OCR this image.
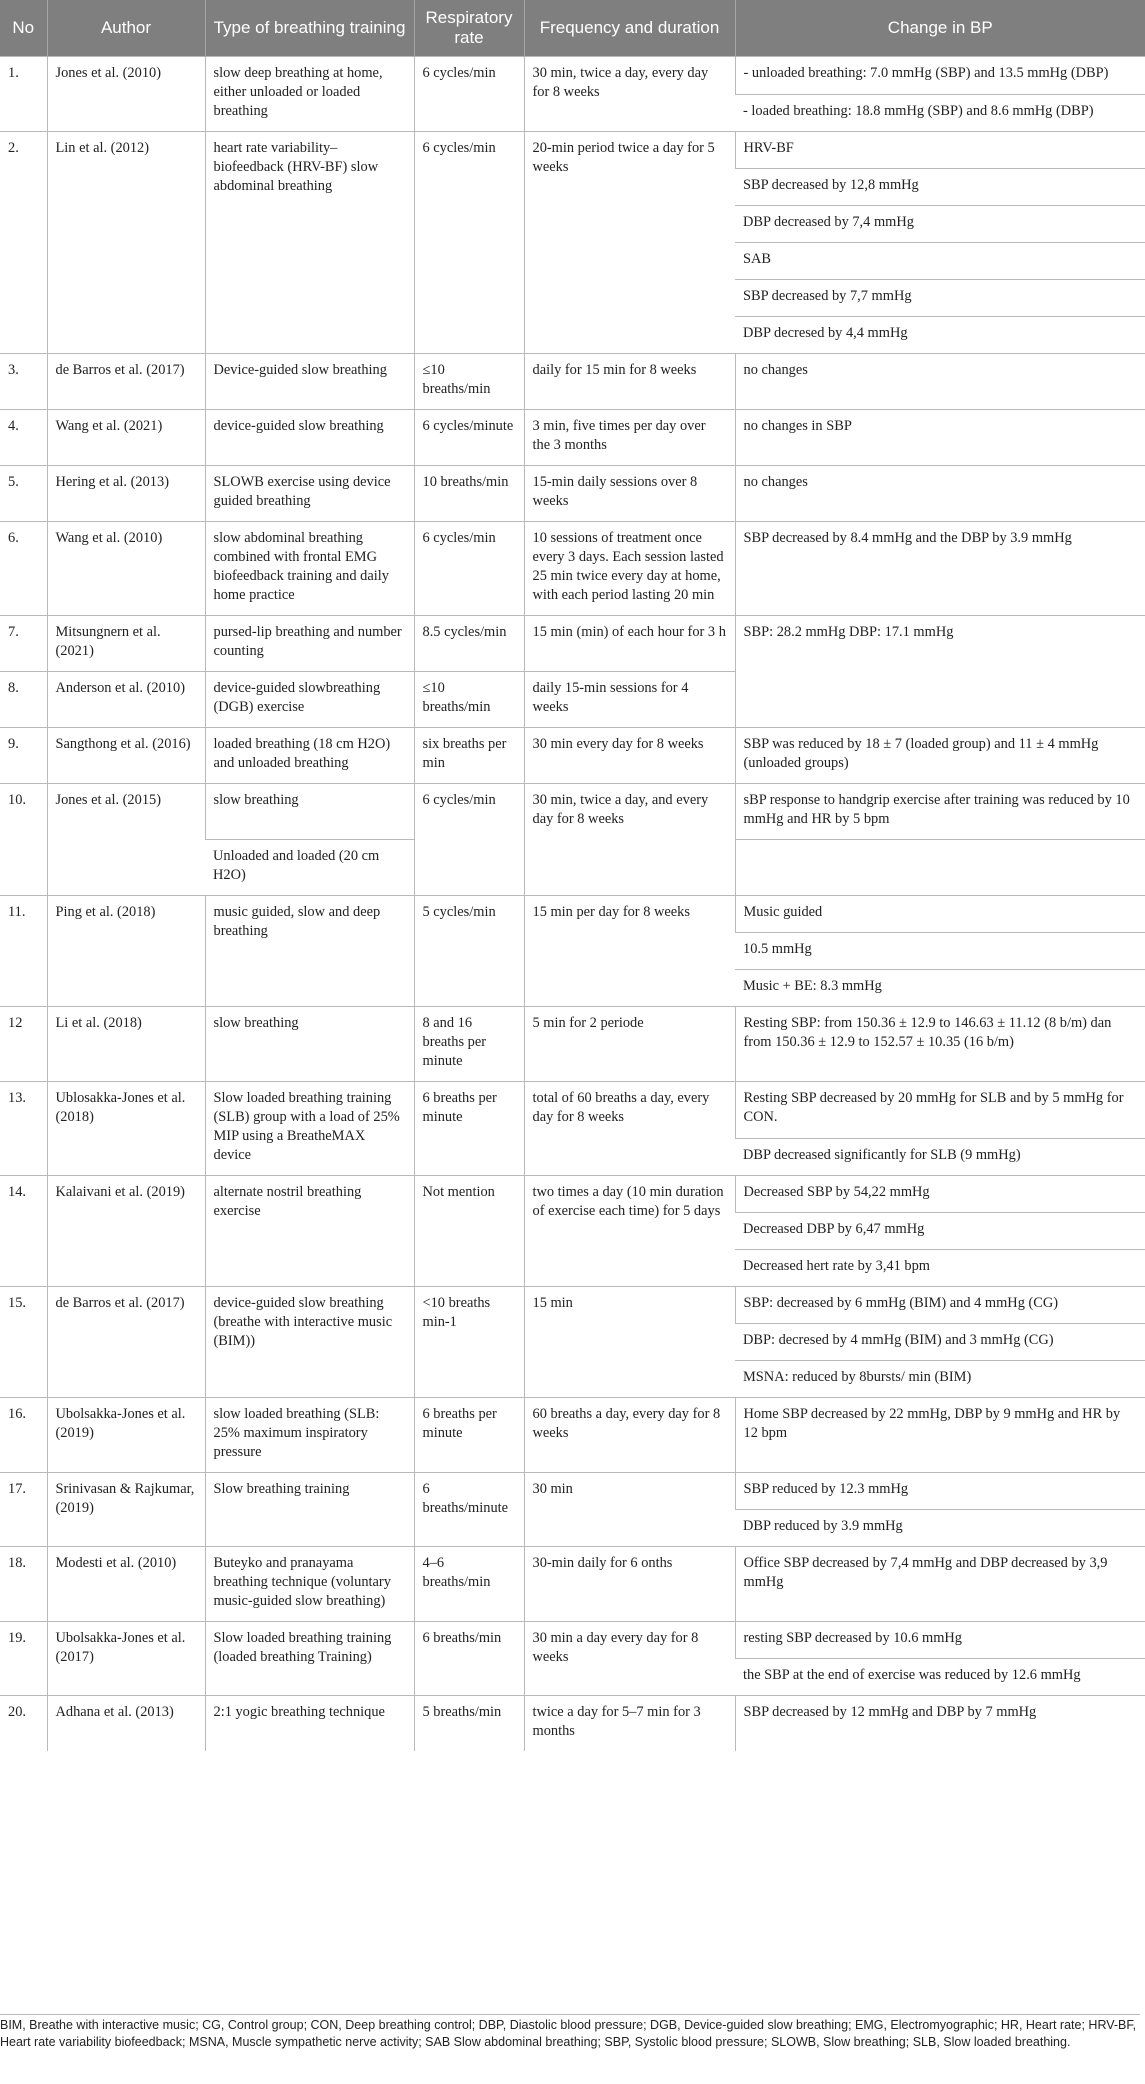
No	Author	Type of breathing training	Respiratory rate	Frequency and duration	Change in BP
1.	Jones et al. (2010)	slow deep breathing at home, either unloaded or loaded breathing	6 cycles/min	30 min, twice a day, every day for 8 weeks	- unloaded breathing: 7.0 mmHg (SBP) and 13.5 mmHg (DBP)
					- loaded breathing: 18.8 mmHg (SBP) and 8.6 mmHg (DBP)
2.	Lin et al. (2012)	heart rate variability–biofeedback (HRV-BF) slow abdominal breathing	6 cycles/min	20-min period twice a day for 5 weeks	HRV-BF
					SBP decreased by 12,8 mmHg
					DBP decreased by 7,4 mmHg
					SAB
					SBP decreased by 7,7 mmHg
					DBP decresed by 4,4 mmHg
3.	de Barros et al. (2017)	Device-guided slow breathing	≤10 breaths/min	daily for 15 min for 8 weeks	no changes
4.	Wang et al. (2021)	device-guided slow breathing	6 cycles/minute	3 min, five times per day over the 3 months	no changes in SBP
5.	Hering et al. (2013)	SLOWB exercise using device guided breathing	10 breaths/min	15-min daily sessions over 8 weeks	no changes
6.	Wang et al. (2010)	slow abdominal breathing combined with frontal EMG biofeedback training and daily home practice	6 cycles/min	10 sessions of treatment once every 3 days. Each session lasted 25 min twice every day at home, with each period lasting 20 min	SBP decreased by 8.4 mmHg and the DBP by 3.9 mmHg
7.	Mitsungnern et al. (2021)	pursed-lip breathing and number counting	8.5 cycles/min	15 min (min) of each hour for 3 h	SBP: 28.2 mmHg DBP: 17.1 mmHg
8.	Anderson et al. (2010)	device-guided slowbreathing (DGB) exercise	≤10 breaths/min	daily 15-min sessions for 4 weeks	
9.	Sangthong et al. (2016)	loaded breathing (18 cm H2O) and unloaded breathing	six breaths per min	30 min every day for 8 weeks	SBP was reduced by 18 ± 7 (loaded group) and 11 ± 4 mmHg (unloaded groups)
10.	Jones et al. (2015)	slow breathing	6 cycles/min	30 min, twice a day, and every day for 8 weeks	sBP response to handgrip exercise after training was reduced by 10 mmHg and HR by 5 bpm
		Unloaded and loaded (20 cm H2O)			
11.	Ping et al. (2018)	music guided, slow and deep breathing	5 cycles/min	15 min per day for 8 weeks	Music guided
					10.5 mmHg
					Music + BE: 8.3 mmHg
12	Li et al. (2018)	slow breathing	8 and 16 breaths per minute	5 min for 2 periode	Resting SBP: from 150.36 ± 12.9 to 146.63 ± 11.12 (8 b/m) dan from 150.36 ± 12.9 to 152.57 ± 10.35 (16 b/m)
13.	Ublosakka-Jones et al. (2018)	Slow loaded breathing training (SLB) group with a load of 25% MIP using a BreatheMAX device	6 breaths per minute	total of 60 breaths a day, every day for 8 weeks	Resting SBP decreased by 20 mmHg for SLB and by 5 mmHg for CON.
					DBP decreased significantly for SLB (9 mmHg)
14.	Kalaivani et al. (2019)	alternate nostril breathing exercise	Not mention	two times a day (10 min duration of exercise each time) for 5 days	Decreased SBP by 54,22 mmHg
					Decreased DBP by 6,47 mmHg
					Decreased hert rate by 3,41 bpm
15.	de Barros et al. (2017)	device-guided slow breathing (breathe with interactive music (BIM))	<10 breaths min-1	15 min	SBP: decreased by 6 mmHg (BIM) and 4 mmHg (CG)
					DBP: decresed by 4 mmHg (BIM) and 3 mmHg (CG)
					MSNA: reduced by 8bursts/ min (BIM)
16.	Ubolsakka-Jones et al. (2019)	slow loaded breathing (SLB: 25% maximum inspiratory pressure	6 breaths per minute	60 breaths a day, every day for 8 weeks	Home SBP decreased by 22 mmHg, DBP by 9 mmHg and HR by 12 bpm
17.	Srinivasan & Rajkumar, (2019)	Slow breathing training	6 breaths/minute	30 min	SBP reduced by 12.3 mmHg
					DBP reduced by 3.9 mmHg
18.	Modesti et al. (2010)	Buteyko and pranayama breathing technique (voluntary music-guided slow breathing)	4–6 breaths/min	30-min daily for 6 onths	Office SBP decreased by 7,4 mmHg and DBP decreased by 3,9 mmHg
19.	Ubolsakka-Jones et al. (2017)	Slow loaded breathing training (loaded breathing Training)	6 breaths/min	30 min a day every day for 8 weeks	resting SBP decreased by 10.6 mmHg
					the SBP at the end of exercise was reduced by 12.6 mmHg
20.	Adhana et al. (2013)	2:1 yogic breathing technique	5 breaths/min	twice a day for 5–7 min for 3 months	SBP decreased by 12 mmHg and DBP by 7 mmHg
BIM, Breathe with interactive music; CG, Control group; CON, Deep breathing control; DBP, Diastolic blood pressure; DGB, Device-guided slow breathing; EMG, Electromyographic; HR, Heart rate; HRV-BF, Heart rate variability biofeedback; MSNA, Muscle sympathetic nerve activity; SAB Slow abdominal breathing; SBP, Systolic blood pressure; SLOWB, Slow breathing; SLB, Slow loaded breathing.
